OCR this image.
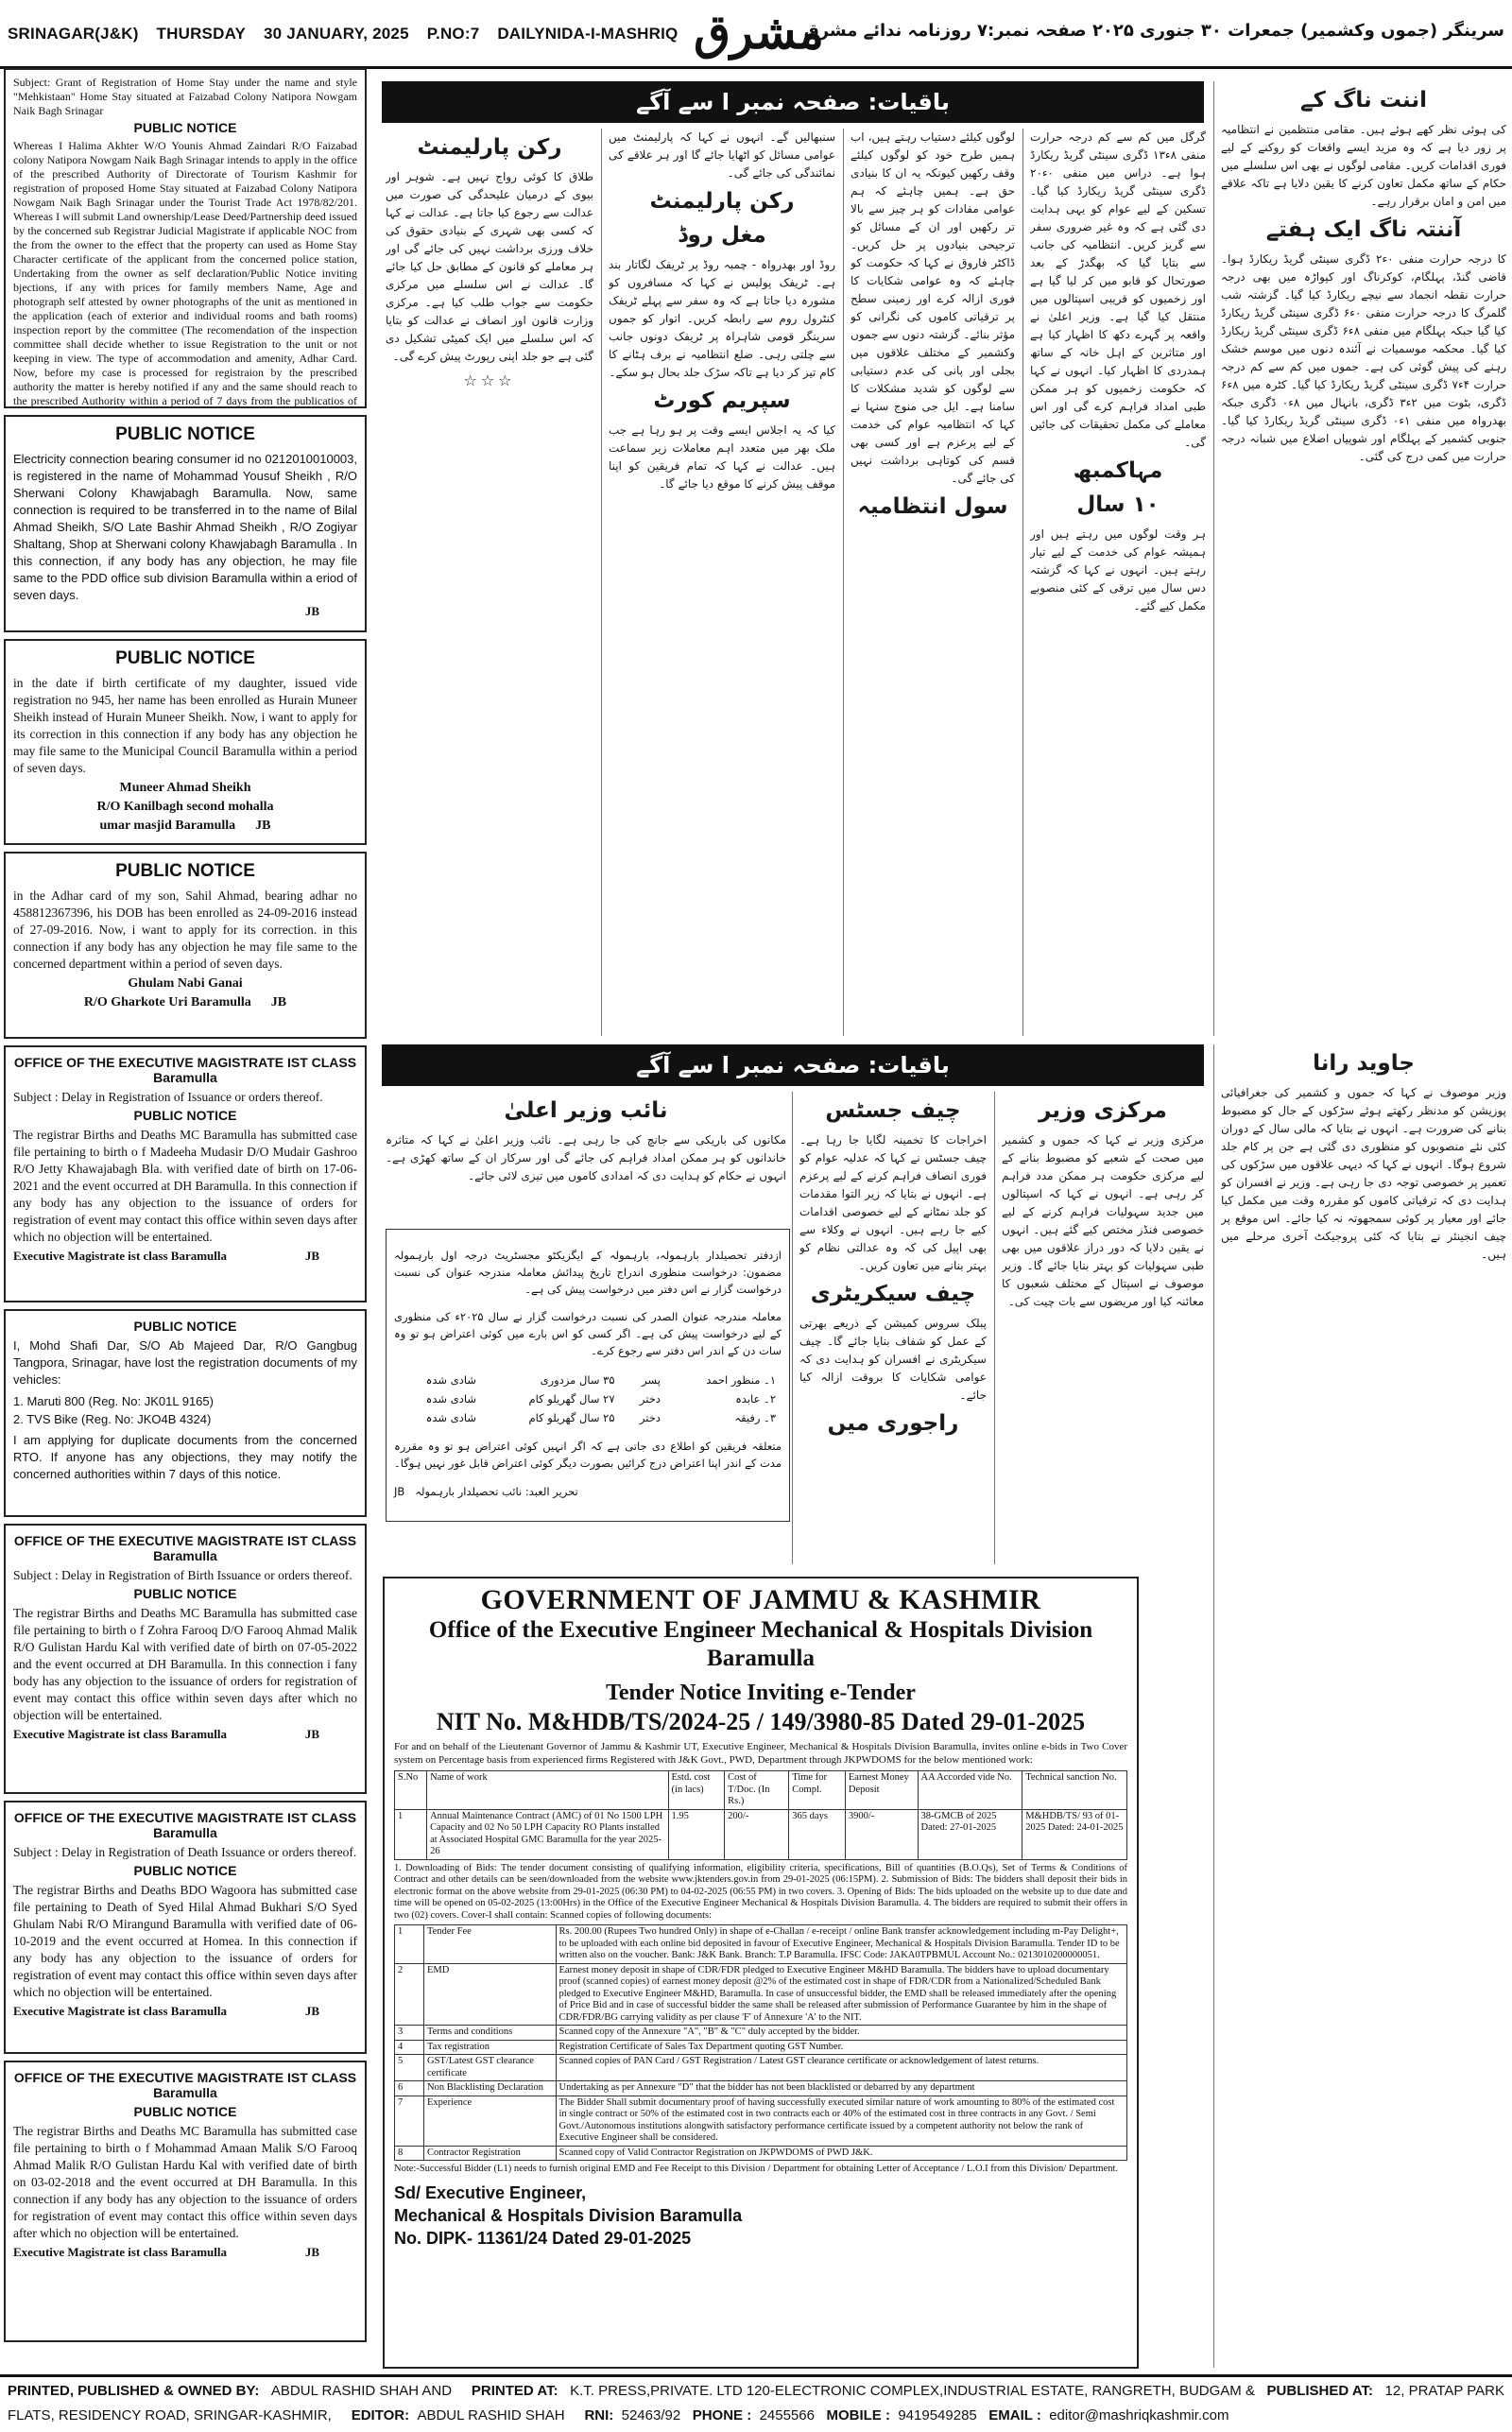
SRINAGAR(J&K) THURSDAY 30 JANUARY, 2025 P.NO:7 DAILYNIDA-I-MASHRIQ مشرق
سرینگر (جموں وکشمیر) جمعرات ۳۰ جنوری ۲۰۲۵ صفحہ نمبر:۷ روزنامہ ندائے مشرق

Subject: Grant of Registration of Home Stay under the name and style "Mehkistaan" Home Stay situated at Faizabad Colony Natipora Nowgam Naik Bagh Srinagar

PUBLIC NOTICE

Whereas I Halima Akhter W/O Younis Ahmad Zaindari R/O Faizabad colony Natipora Nowgam Naik Bagh Srinagar intends to apply in the office of the prescribed Authority of Directorate of Tourism Kashmir for registration of proposed Home Stay situated at Faizabad Colony Natipora Nowgam Naik Bagh Srinagar under the Tourist Trade Act 1978/82/201. Whereas I will submit Land ownership/Lease Deed/Partnership deed issued by the concerned sub Registrar Judicial Magistrate if applicable NOC from the from the owner to the effect that the property can used as Home Stay Character certificate of the applicant from the concerned police station, Undertaking from the owner as self declaration/Public Notice inviting bjections, if any with prices for family members Name, Age and photograph self attested by owner photographs of the unit as mentioned in the application (each of exterior and individual rooms and bath rooms) inspection report by the committee (The recomendation of the inspection committee shall decide whether to issue Registration to the unit or not keeping in view. The type of accommodation and amenity, Adhar Card. Now, before my case is processed for registraion by the prescribed authority the matter is hereby notified if any and the same should reach to the prescribed Authority within a period of 7 days from the publicatios of

PUBLIC NOTICE

Electricity connection bearing consumer id no 0212010010003, is registered in the name of Mohammad Yousuf Sheikh , R/O Sherwani Colony Khawjabagh Baramulla. Now, same connection is required to be transferred in to the name of Bilal Ahmad Sheikh, S/O Late Bashir Ahmad Sheikh , R/O Zogiyar Shaltang, Shop at Sherwani colony Khawjabagh Baramulla . In this connection, if any body has any objection, he may file same to the PDD office sub division Baramulla within a eriod of seven days.

JB
PUBLIC NOTICE

in the date if birth certificate of my daughter, issued vide registration no 945, her name has been enrolled as Hurain Muneer Sheikh instead of Hurain Muneer Sheikh. Now, i want to apply for its correction in this connection if any body has any objection he may file same to the Municipal Council Baramulla within a period of seven days.

Muneer Ahmad Sheikh
R/O Kanilbagh second mohalla
umar masjid Baramulla JB
PUBLIC NOTICE

in the Adhar card of my son, Sahil Ahmad, bearing adhar no 458812367396, his DOB has been enrolled as 24-09-2016 instead of 27-09-2016. Now, i want to apply for its correction. in this connection if any body has any objection he may file same to the concerned department within a period of seven days.

Ghulam Nabi Ganai
R/O Gharkote Uri Baramulla JB
OFFICE OF THE EXECUTIVE MAGISTRATE IST CLASS Baramulla

Subject : Delay in Registration of Issuance or orders thereof.

PUBLIC NOTICE

The registrar Births and Deaths MC Baramulla has submitted case file pertaining to birth o f Madeeha Mudasir D/O Mudair Gashroo R/O Jetty Khawajabagh Bla. with verified date of birth on 17-06-2021 and the event occurred at DH Baramulla. In this connection if any body has any objection to the issuance of orders for registration of event may contact this office within seven days after which no objection will be entertained.

Executive Magistrate ist class Baramulla	JB
PUBLIC NOTICE

I, Mohd Shafi Dar, S/O Ab Majeed Dar, R/O Gangbug Tangpora, Srinagar, have lost the registration documents of my vehicles:

1. Maruti 800 (Reg. No: JK01L 9165)
2. TVS Bike (Reg. No: JKO4B 4324)

I am applying for duplicate documents from the concerned RTO. If anyone has any objections, they may notify the concerned authorities within 7 days of this notice.

OFFICE OF THE EXECUTIVE MAGISTRATE IST CLASS Baramulla

Subject : Delay in Registration of Birth Issuance or orders thereof.

PUBLIC NOTICE

The registrar Births and Deaths MC Baramulla has submitted case file pertaining to birth o f Zohra Farooq D/O Farooq Ahmad Malik R/O Gulistan Hardu Kal with verified date of birth on 07-05-2022 and the event occurred at DH Baramulla. In this connection i fany body has any objection to the issuance of orders for registration of event may contact this office within seven days after which no objection will be entertained.

Executive Magistrate ist class Baramulla	JB
OFFICE OF THE EXECUTIVE MAGISTRATE IST CLASS Baramulla

Subject : Delay in Registration of Death Issuance or orders thereof.

PUBLIC NOTICE

The registrar Births and Deaths BDO Wagoora has submitted case file pertaining to Death of Syed Hilal Ahmad Bukhari S/O Syed Ghulam Nabi R/O Mirangund Baramulla with verified date of 06-10-2019 and the event occurred at Homea. In this connection if any body has any objection to the issuance of orders for registration of event may contact this office within seven days after which no objection will be entertained.

Executive Magistrate ist class Baramulla	JB
OFFICE OF THE EXECUTIVE MAGISTRATE IST CLASS Baramulla
PUBLIC NOTICE

The registrar Births and Deaths MC Baramulla has submitted case file pertaining to birth o f Mohammad Amaan Malik S/O Farooq Ahmad Malik R/O Gulistan Hardu Kal with verified date of birth on 03-02-2018 and the event occurred at DH Baramulla. In this connection if any body has any objection to the issuance of orders for registration of event may contact this office within seven days after which no objection will be entertained.

Executive Magistrate ist class Baramulla	JB
باقیات: صفحہ نمبر ا سے آگے	اننت ناگ کے

کی ہوئی نظر کھے ہوئے ہیں۔ مقامی منتظمین نے انتظامیہ پر زور دیا ہے کہ وہ مزید ایسے واقعات کو روکنے کے لیے فوری اقدامات کریں۔ مقامی لوگوں نے بھی اس سلسلے میں حکام کے ساتھ مکمل تعاون کرنے کا یقین دلایا ہے تاکہ علاقے میں امن و امان برقرار رہے۔

آننتہ ناگ ایک ہفتے

کا درجہ حرارت منفی ۰ء۲ ڈگری سینٹی گریڈ ریکارڈ ہوا۔ قاضی گنڈ، پہلگام، کوکرناگ اور کپواڑہ میں بھی درجہ حرارت نقطہ انجماد سے نیچے ریکارڈ کیا گیا۔ گزشتہ شب گلمرگ کا درجہ حرارت منفی ۰ء۶ ڈگری سینٹی گریڈ ریکارڈ کیا گیا جبکہ پہلگام میں منفی ۸ء۶ ڈگری سینٹی گریڈ ریکارڈ کیا گیا۔ محکمہ موسمیات نے آئندہ دنوں میں موسم خشک رہنے کی پیش گوئی کی ہے۔ جموں میں کم سے کم درجہ حرارت ۴ء۷ ڈگری سینٹی گریڈ ریکارڈ کیا گیا۔ کٹرہ میں ۸ء۶ ڈگری، بٹوت میں ۲ء۳ ڈگری، بانہال میں ۸ء۰ ڈگری جبکہ بھدرواہ میں منفی ۱ء۰ ڈگری سینٹی گریڈ ریکارڈ کیا گیا۔ جنوبی کشمیر کے پہلگام اور شوپیاں اضلاع میں شبانہ درجہ حرارت میں کمی درج کی گئی۔

گرگل میں کم سے کم درجہ حرارت منفی ۸ء۱۳ ڈگری سینٹی گریڈ ریکارڈ ہوا ہے۔ دراس میں منفی ۰ء۲۰ ڈگری سینٹی گریڈ ریکارڈ کیا گیا۔ تسکین کے لیے عوام کو یہی ہدایت دی گئی ہے کہ وہ غیر ضروری سفر سے گریز کریں۔ انتظامیہ کی جانب سے بتایا گیا کہ بھگدڑ کے بعد صورتحال کو قابو میں کر لیا گیا ہے اور زخمیوں کو قریبی اسپتالوں میں منتقل کیا گیا ہے۔ وزیر اعلیٰ نے واقعہ پر گہرے دکھ کا اظہار کیا ہے اور متاثرین کے اہل خانہ کے ساتھ ہمدردی کا اظہار کیا۔ انہوں نے کہا کہ حکومت زخمیوں کو ہر ممکن طبی امداد فراہم کرے گی اور اس معاملے کی مکمل تحقیقات کی جائیں گی۔

مہاکمبھ
۱۰ سال

ہر وقت لوگوں میں رہتے ہیں اور ہمیشہ عوام کی خدمت کے لیے تیار رہتے ہیں۔ انہوں نے کہا کہ گزشتہ دس سال میں ترقی کے کئی منصوبے مکمل کیے گئے۔

لوگوں کیلئے دستیاب رہتے ہیں، اب ہمیں طرح خود کو لوگوں کیلئے وقف رکھیں کیونکہ یہ ان کا بنیادی حق ہے۔ ہمیں چاہئے کہ ہم عوامی مفادات کو ہر چیز سے بالا تر رکھیں اور ان کے مسائل کو ترجیحی بنیادوں پر حل کریں۔ ڈاکٹر فاروق نے کہا کہ حکومت کو چاہئے کہ وہ عوامی شکایات کا فوری ازالہ کرے اور زمینی سطح پر ترقیاتی کاموں کی نگرانی کو مؤثر بنائے۔ گزشتہ دنوں سے جموں وکشمیر کے مختلف علاقوں میں بجلی اور پانی کی عدم دستیابی سے لوگوں کو شدید مشکلات کا سامنا ہے۔ ایل جی منوج سنہا نے کہا کہ انتظامیہ عوام کی خدمت کے لیے پرعزم ہے اور کسی بھی قسم کی کوتاہی برداشت نہیں کی جائے گی۔

سول انتظامیہ

سنبھالیں گے۔ انہوں نے کہا کہ پارلیمنٹ میں عوامی مسائل کو اٹھایا جائے گا اور ہر علاقے کی نمائندگی کی جائے گی۔

رکن پارلیمنٹ
مغل روڈ

روڈ اور بھدرواہ - چمبہ روڈ پر ٹریفک لگاتار بند ہے۔ ٹریفک پولیس نے کہا کہ مسافروں کو مشورہ دیا جاتا ہے کہ وہ سفر سے پہلے ٹریفک کنٹرول روم سے رابطہ کریں۔ اتوار کو جموں سرینگر قومی شاہراہ پر ٹریفک دونوں جانب سے چلتی رہی۔ ضلع انتظامیہ نے برف ہٹانے کا کام تیز کر دیا ہے تاکہ سڑک جلد بحال ہو سکے۔

سپریم کورٹ

کیا کہ یہ اجلاس ایسے وقت پر ہو رہا ہے جب ملک بھر میں متعدد اہم معاملات زیر سماعت ہیں۔ عدالت نے کہا کہ تمام فریقین کو اپنا موقف پیش کرنے کا موقع دیا جائے گا۔

رکن پارلیمنٹ

طلاق کا کوئی رواج نہیں ہے۔ شوہر اور بیوی کے درمیان علیحدگی کی صورت میں عدالت سے رجوع کیا جاتا ہے۔ عدالت نے کہا کہ کسی بھی شہری کے بنیادی حقوق کی خلاف ورزی برداشت نہیں کی جائے گی اور ہر معاملے کو قانون کے مطابق حل کیا جائے گا۔ عدالت نے اس سلسلے میں مرکزی حکومت سے جواب طلب کیا ہے۔ مرکزی وزارت قانون اور انصاف نے عدالت کو بتایا کہ اس سلسلے میں ایک کمیٹی تشکیل دی گئی ہے جو جلد اپنی رپورٹ پیش کرے گی۔

☆☆☆
باقیات: صفحہ نمبر ا سے آگے	جاوید رانا

وزیر موصوف نے کہا کہ جموں و کشمیر کی جغرافیائی پوزیشن کو مدنظر رکھتے ہوئے سڑکوں کے جال کو مضبوط بنانے کی ضرورت ہے۔ انہوں نے بتایا کہ مالی سال کے دوران کئی نئے منصوبوں کو منظوری دی گئی ہے جن پر کام جلد شروع ہوگا۔ انہوں نے کہا کہ دیہی علاقوں میں سڑکوں کی تعمیر پر خصوصی توجہ دی جا رہی ہے۔ وزیر نے افسران کو ہدایت دی کہ ترقیاتی کاموں کو مقررہ وقت میں مکمل کیا جائے اور معیار پر کوئی سمجھوتہ نہ کیا جائے۔ اس موقع پر چیف انجینئر نے بتایا کہ کئی پروجیکٹ آخری مرحلے میں ہیں۔

مرکزی وزیر

مرکزی وزیر نے کہا کہ جموں و کشمیر میں صحت کے شعبے کو مضبوط بنانے کے لیے مرکزی حکومت ہر ممکن مدد فراہم کر رہی ہے۔ انہوں نے کہا کہ اسپتالوں میں جدید سہولیات فراہم کرنے کے لیے خصوصی فنڈز مختص کیے گئے ہیں۔ انہوں نے یقین دلایا کہ دور دراز علاقوں میں بھی طبی سہولیات کو بہتر بنایا جائے گا۔ وزیر موصوف نے اسپتال کے مختلف شعبوں کا معائنہ کیا اور مریضوں سے بات چیت کی۔

چیف جسٹس

اخراجات کا تخمینہ لگایا جا رہا ہے۔ چیف جسٹس نے کہا کہ عدلیہ عوام کو فوری انصاف فراہم کرنے کے لیے پرعزم ہے۔ انہوں نے بتایا کہ زیر التوا مقدمات کو جلد نمٹانے کے لیے خصوصی اقدامات کیے جا رہے ہیں۔ انہوں نے وکلاء سے بھی اپیل کی کہ وہ عدالتی نظام کو بہتر بنانے میں تعاون کریں۔

چیف سیکریٹری

پبلک سروس کمیشن کے ذریعے بھرتی کے عمل کو شفاف بنایا جائے گا۔ چیف سیکریٹری نے افسران کو ہدایت دی کہ عوامی شکایات کا بروقت ازالہ کیا جائے۔

راجوری میں
نائب وزیر اعلیٰ

مکانوں کی باریکی سے جانچ کی جا رہی ہے۔ نائب وزیر اعلیٰ نے کہا کہ متاثرہ خاندانوں کو ہر ممکن امداد فراہم کی جائے گی اور سرکار ان کے ساتھ کھڑی ہے۔ انہوں نے حکام کو ہدایت دی کہ امدادی کاموں میں تیزی لائی جائے۔

ازدفتر تحصیلدار بارہمولہ، بارہمولہ کے ایگزیکٹو مجسٹریٹ درجہ اول بارہمولہ مضمون: درخواست منظوری اندراج تاریخ پیدائش معاملہ مندرجہ عنوان کی نسبت درخواست گزار نے اس دفتر میں درخواست پیش کی ہے۔

معاملہ مندرجہ عنوان الصدر کی نسبت درخواست گزار نے سال ۲۰۲۵ء کی منظوری کے لیے درخواست پیش کی ہے۔ اگر کسی کو اس بارے میں کوئی اعتراض ہو تو وہ سات دن کے اندر اس دفتر سے رجوع کرے۔

۱۔ منظور احمد	پسر	۳۵ سال مزدوری	شادی شدہ
۲۔ عابدہ	دختر	۲۷ سال گھریلو کام	شادی شدہ
۳۔ رفیقہ	دختر	۲۵ سال گھریلو کام	شادی شدہ

متعلقہ فریقین کو اطلاع دی جاتی ہے کہ اگر انہیں کوئی اعتراض ہو تو وہ مقررہ مدت کے اندر اپنا اعتراض درج کرائیں بصورت دیگر کوئی اعتراض قابل غور نہیں ہوگا۔

تحریر العبد: نائب تحصیلدار بارہمولہ   JB

GOVERNMENT OF JAMMU & KASHMIR
Office of the Executive Engineer Mechanical & Hospitals Division
Baramulla
Tender Notice Inviting e-Tender
NIT No. M&HDB/TS/2024-25 / 149/3980-85 Dated 29-01-2025

For and on behalf of the Lieutenant Governor of Jammu & Kashmir UT, Executive Engineer, Mechanical & Hospitals Division Baramulla, invites online e-bids in Two Cover system on Percentage basis from experienced firms Registered with J&K Govt., PWD, Department through JKPWDOMS for the below mentioned work:

S.No	Name of work	Estd. cost (in lacs)	Cost of T/Doc. (In Rs.)	Time for Compl.	Earnest Money Deposit	AA Accorded vide No.	Technical sanction No.
1	Annual Maintenance Contract (AMC) of 01 No 1500 LPH Capacity and 02 No 50 LPH Capacity RO Plants installed at Associated Hospital GMC Baramulla for the year 2025-26	1.95	200/-	365 days	3900/-	38-GMCB of 2025 Dated: 27-01-2025	M&HDB/TS/ 93 of 01-2025 Dated: 24-01-2025

1. Downloading of Bids: The tender document consisting of qualifying information, eligibility criteria, specifications, Bill of quantities (B.O.Qs), Set of Terms & Conditions of Contract and other details can be seen/downloaded from the website www.jktenders.gov.in from 29-01-2025 (06:15PM). 2. Submission of Bids: The bidders shall deposit their bids in electronic format on the above website from 29-01-2025 (06:30 PM) to 04-02-2025 (06:55 PM) in two covers. 3. Opening of Bids: The bids uploaded on the website up to due date and time will be opened on 05-02-2025 (13:00Hrs) in the Office of the Executive Engineer Mechanical & Hospitals Division Baramulla. 4. The bidders are required to submit their offers in two (02) covers. Cover-I shall contain: Scanned copies of following documents:

1	Tender Fee	Rs. 200.00 (Rupees Two hundred Only) in shape of e-Challan / e-receipt / online Bank transfer acknowledgement including m-Pay Delight+, to be uploaded with each online bid deposited in favour of Executive Engineer, Mechanical & Hospitals Division Baramulla. Tender ID to be written also on the voucher. Bank: J&K Bank. Branch: T.P Baramulla. IFSC Code: JAKA0TPBMUL Account No.: 0213010200000051.
2	EMD	Earnest money deposit in shape of CDR/FDR pledged to Executive Engineer M&HD Baramulla. The bidders have to upload documentary proof (scanned copies) of earnest money deposit @2% of the estimated cost in shape of FDR/CDR from a Nationalized/Scheduled Bank pledged to Executive Engineer M&HD, Baramulla. In case of unsuccessful bidder, the EMD shall be released immediately after the opening of Price Bid and in case of successful bidder the same shall be released after submission of Performance Guarantee by him in the shape of CDR/FDR/BG carrying validity as per clause 'F' of Annexure 'A' to the NIT.
3	Terms and conditions	Scanned copy of the Annexure "A", "B" & "C" duly accepted by the bidder.
4	Tax registration	Registration Certificate of Sales Tax Department quoting GST Number.
5	GST/Latest GST clearance certificate	Scanned copies of PAN Card / GST Registration / Latest GST clearance certificate or acknowledgement of latest returns.
6	Non Blacklisting Declaration	Undertaking as per Annexure "D" that the bidder has not been blacklisted or debarred by any department
7	Experience	The Bidder Shall submit documentary proof of having successfully executed similar nature of work amounting to 80% of the estimated cost in single contract or 50% of the estimated cost in two contracts each or 40% of the estimated cost in three contracts in any Govt. / Semi Govt./Autonomous institutions alongwith satisfactory performance certificate issued by a competent authority not below the rank of Executive Engineer shall be considered.
8	Contractor Registration	Scanned copy of Valid Contractor Registration on JKPWDOMS of PWD J&K.

Note:-Successful Bidder (L1) needs to furnish original EMD and Fee Receipt to this Division / Department for obtaining Letter of Acceptance / L.O.I from this Division/ Department.

Sd/ Executive Engineer,
Mechanical & Hospitals Division Baramulla
No. DIPK- 11361/24 Dated 29-01-2025
PRINTED, PUBLISHED & OWNED BY: ABDUL RASHID SHAH AND PRINTED AT: K.T. PRESS,PRIVATE. LTD 120-ELECTRONIC COMPLEX,INDUSTRIAL ESTATE, RANGRETH, BUDGAM & PUBLISHED AT: 12, PRATAP PARK
FLATS, RESIDENCY ROAD, SRINGAR-KASHMIR, EDITOR: ABDUL RASHID SHAH RNI: 52463/92 PHONE : 2455566 MOBILE : 9419549285 EMAIL : editor@mashriqkashmir.com
